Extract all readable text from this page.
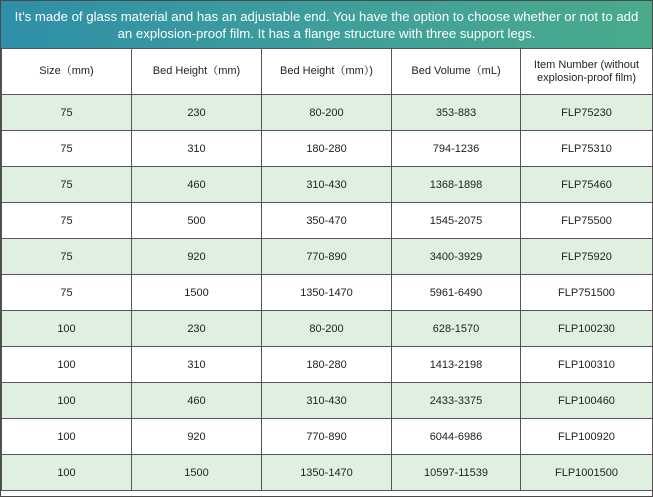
It’s made of glass material and has an adjustable end. You have the option to choose whether or not to add an explosion-proof film. It has a flange structure with three support legs.
Size（mm)	Bed Height（mm)	Bed Height（mm）)	Bed Volume（mL)	Item Number (without explosion-proof film)
75	230	80-200	353-883	FLP75230
75	310	180-280	794-1236	FLP75310
75	460	310-430	1368-1898	FLP75460
75	500	350-470	1545-2075	FLP75500
75	920	770-890	3400-3929	FLP75920
75	1500	1350-1470	5961-6490	FLP751500
100	230	80-200	628-1570	FLP100230
100	310	180-280	1413-2198	FLP100310
100	460	310-430	2433-3375	FLP100460
100	920	770-890	6044-6986	FLP100920
100	1500	1350-1470	10597-11539	FLP1001500
